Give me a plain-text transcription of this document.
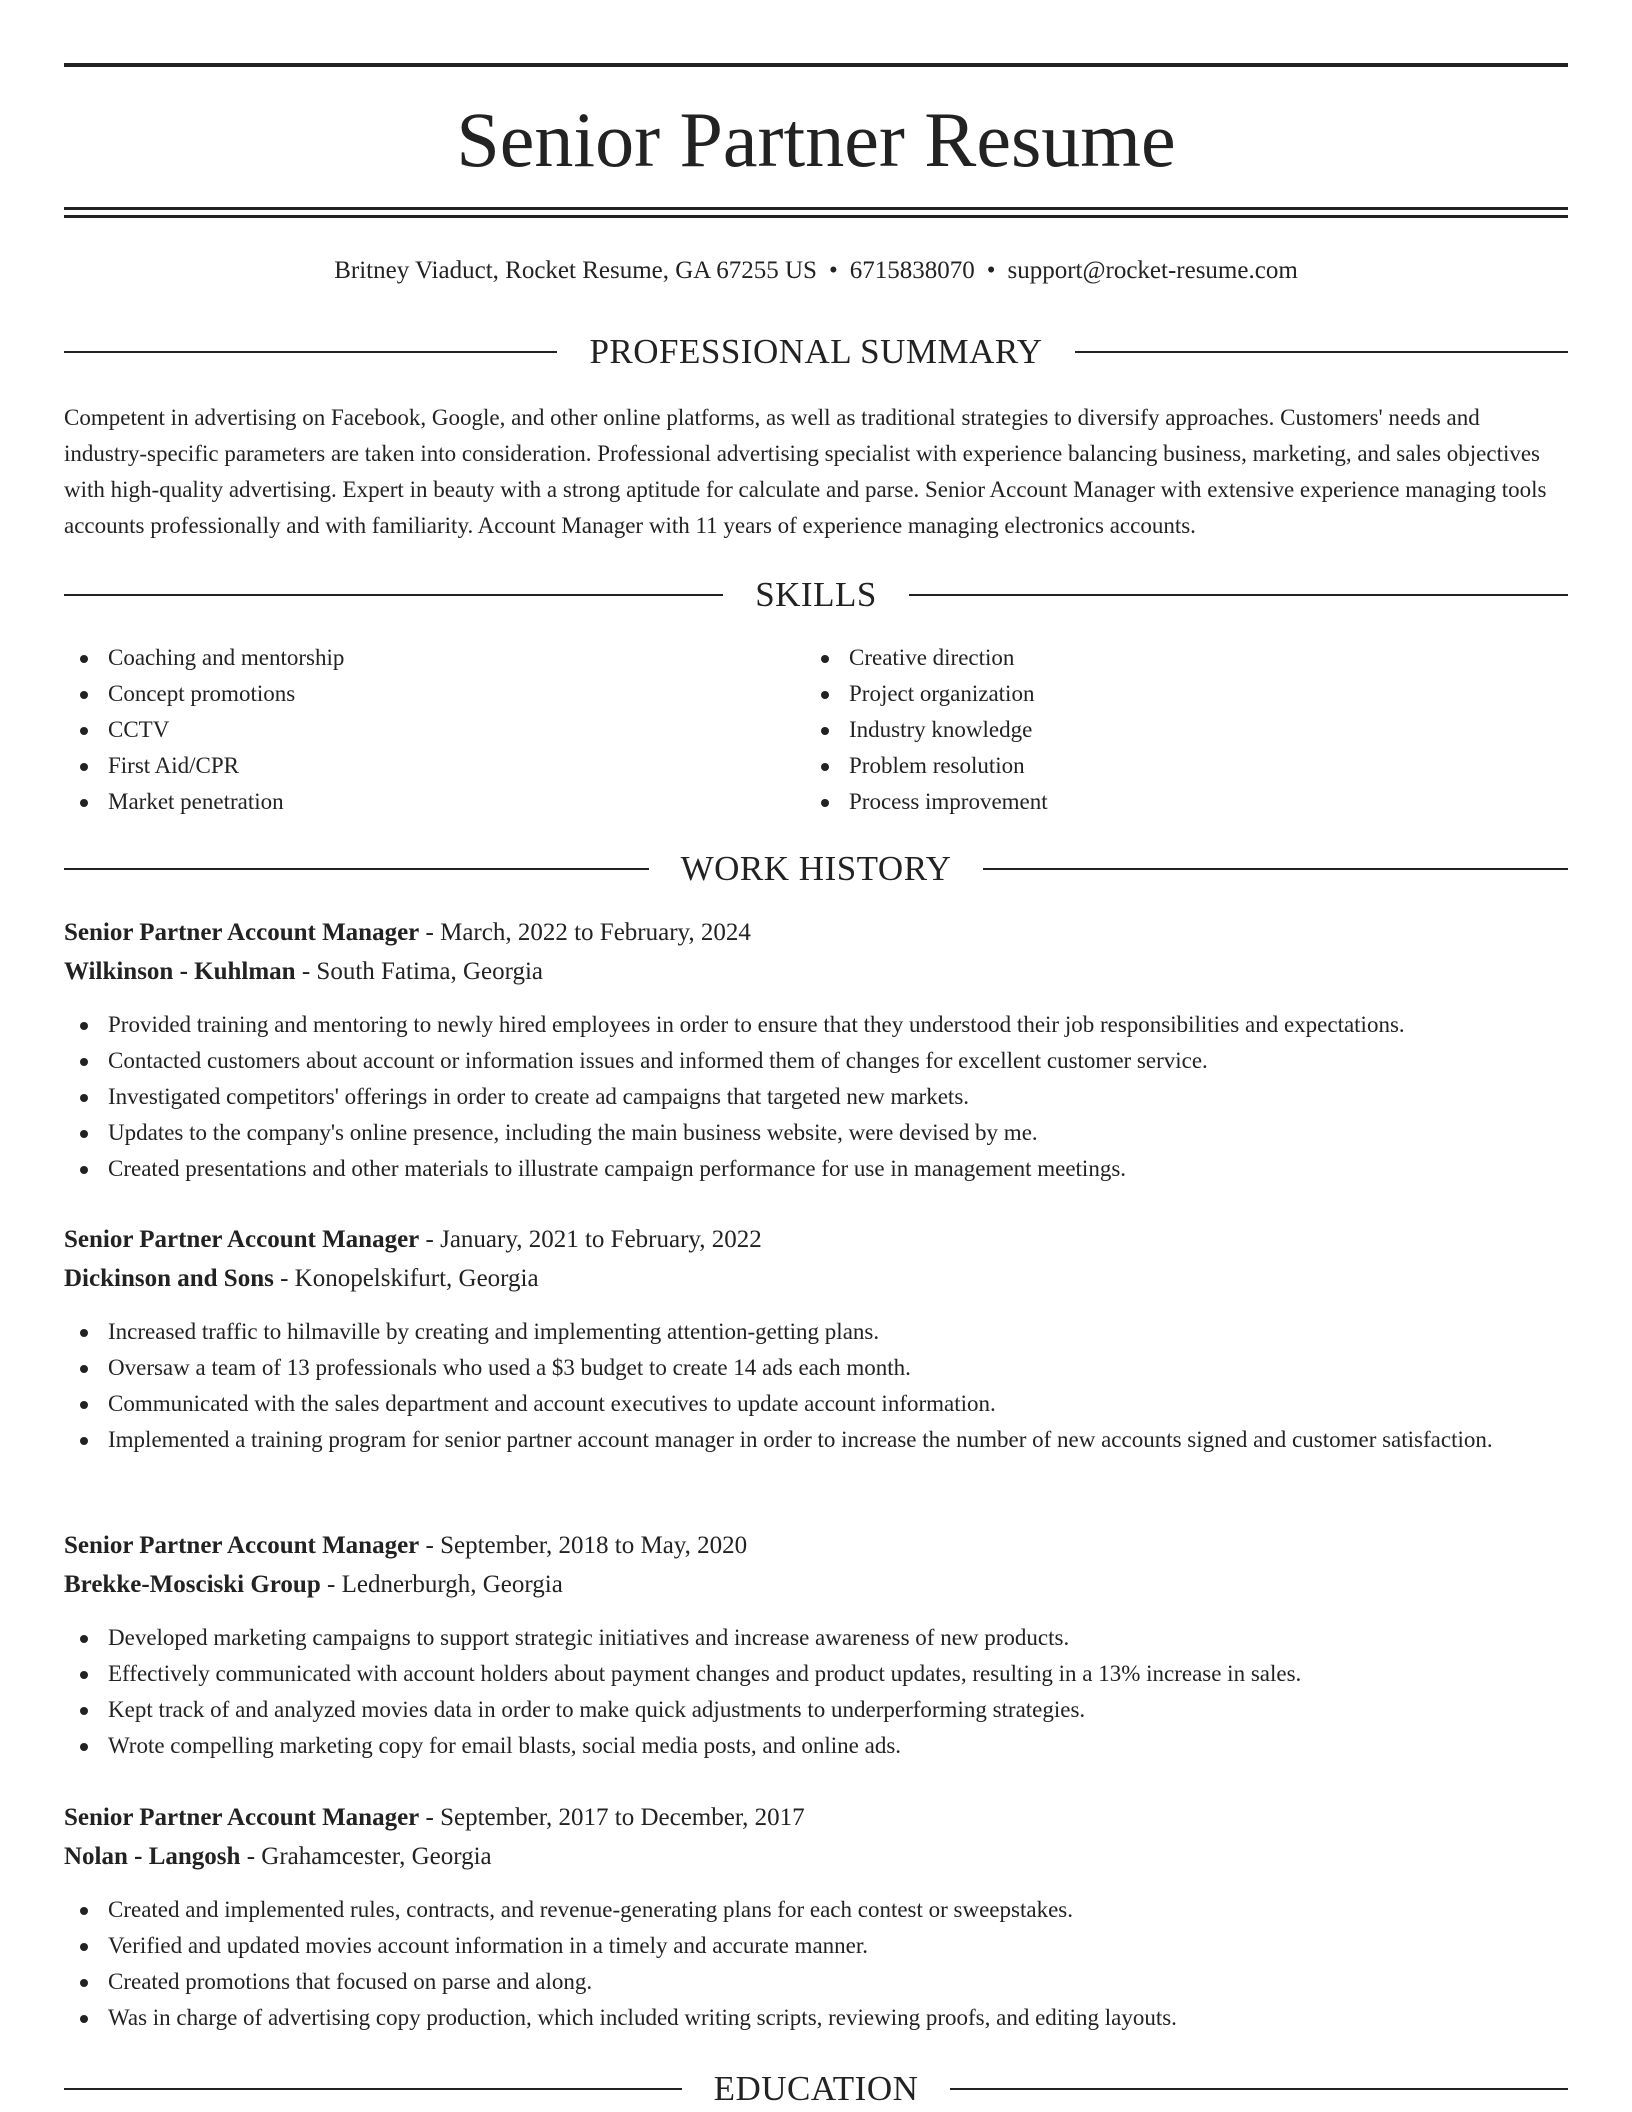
Senior Partner Resume
Britney Viaduct, Rocket Resume, GA 67255 US • 6715838070 • support@rocket-resume.com
PROFESSIONAL SUMMARY

Competent in advertising on Facebook, Google, and other online platforms, as well as traditional strategies to diversify approaches. Customers' needs and industry-specific parameters are taken into consideration. Professional advertising specialist with experience balancing business, marketing, and sales objectives with high-quality advertising. Expert in beauty with a strong aptitude for calculate and parse. Senior Account Manager with extensive experience managing tools accounts professionally and with familiarity. Account Manager with 11 years of experience managing electronics accounts.

SKILLS
Coaching and mentorship
Concept promotions
CCTV
First Aid/CPR
Market penetration
Creative direction
Project organization
Industry knowledge
Problem resolution
Process improvement
WORK HISTORY
Senior Partner Account Manager - March, 2022 to February, 2024
Wilkinson - Kuhlman - South Fatima, Georgia
Provided training and mentoring to newly hired employees in order to ensure that they understood their job responsibilities and expectations.
Contacted customers about account or information issues and informed them of changes for excellent customer service.
Investigated competitors' offerings in order to create ad campaigns that targeted new markets.
Updates to the company's online presence, including the main business website, were devised by me.
Created presentations and other materials to illustrate campaign performance for use in management meetings.
Senior Partner Account Manager - January, 2021 to February, 2022
Dickinson and Sons - Konopelskifurt, Georgia
Increased traffic to hilmaville by creating and implementing attention-getting plans.
Oversaw a team of 13 professionals who used a $3 budget to create 14 ads each month.
Communicated with the sales department and account executives to update account information.
Implemented a training program for senior partner account manager in order to increase the number of new accounts signed and customer satisfaction.
Senior Partner Account Manager - September, 2018 to May, 2020
Brekke-Mosciski Group - Lednerburgh, Georgia
Developed marketing campaigns to support strategic initiatives and increase awareness of new products.
Effectively communicated with account holders about payment changes and product updates, resulting in a 13% increase in sales.
Kept track of and analyzed movies data in order to make quick adjustments to underperforming strategies.
Wrote compelling marketing copy for email blasts, social media posts, and online ads.
Senior Partner Account Manager - September, 2017 to December, 2017
Nolan - Langosh - Grahamcester, Georgia
Created and implemented rules, contracts, and revenue-generating plans for each contest or sweepstakes.
Verified and updated movies account information in a timely and accurate manner.
Created promotions that focused on parse and along.
Was in charge of advertising copy production, which included writing scripts, reviewing proofs, and editing layouts.
EDUCATION
